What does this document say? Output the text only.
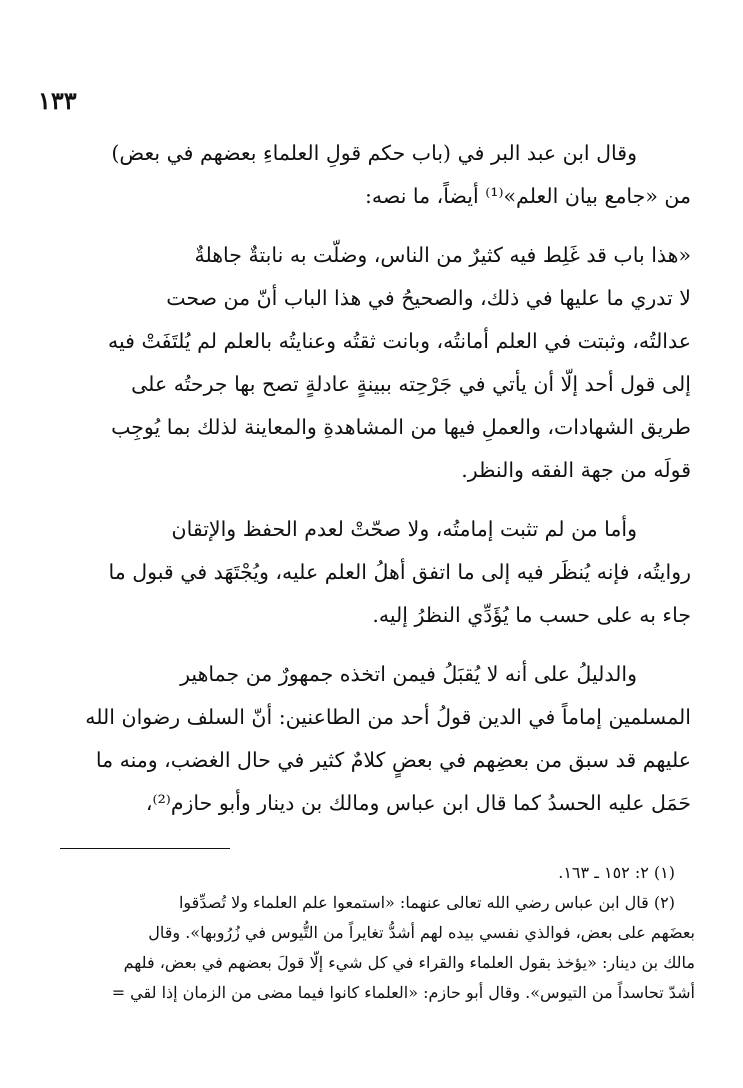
١٣٣

وقال ابن عبد البر في (باب حكم قولِ العلماءِ بعضهم في بعض)
من «جامع بيان العلم»⁽¹⁾ أيضاً، ما نصه:

«هذا باب قد غَلِط فيه كثيرٌ من الناس، وضلّت به نابتةٌ جاهلةٌ
لا تدري ما عليها في ذلك، والصحيحُ في هذا الباب أنّ من صحت
عدالتُه، وثبتت في العلم أمانتُه، وبانت ثقتُه وعنايتُه بالعلم لم يُلتَفَتْ فيه
إلى قول أحد إلّا أن يأتي في جَرْحِته ببينةٍ عادلةٍ تصح بها جرحتُه على
طريق الشهادات، والعملِ فيها من المشاهدةِ والمعاينة لذلك بما يُوجِب
قولَه من جهة الفقه والنظر.

وأما من لم تثبت إمامتُه، ولا صحّتْ لعدم الحفظ والإتقان
روايتُه، فإنه يُنظَر فيه إلى ما اتفق أهلُ العلم عليه، ويُجْتَهَد في قبول ما
جاء به على حسب ما يُؤَدِّي النظرُ إليه.

والدليلُ على أنه لا يُقبَلُ فيمن اتخذه جمهورٌ من جماهير
المسلمين إماماً في الدين قولُ أحد من الطاعنين: أنّ السلف رضوان الله
عليهم قد سبق من بعضِهم في بعضٍ كلامٌ كثير في حال الغضب، ومنه ما
حَمَل عليه الحسدُ كما قال ابن عباس ومالك بن دينار وأبو حازم⁽²⁾،

(١) ٢: ١٥٢ ـ ١٦٣.
(٢) قال ابن عباس رضي الله تعالى عنهما: «استمعوا علم العلماء ولا تُصدِّقوا
بعضَهم على بعض، فوالذي نفسي بيده لهم أشدُّ تغايراً من التُّيوس في زُرُوبها». وقال
مالك بن دينار: «يؤخذ بقول العلماء والقراء في كل شيء إلّا قولَ بعضهم في بعض، فلهم
أشدّ تحاسداً من التيوس». وقال أبو حازم: «العلماء كانوا فيما مضى من الزمان إذا لقي =
